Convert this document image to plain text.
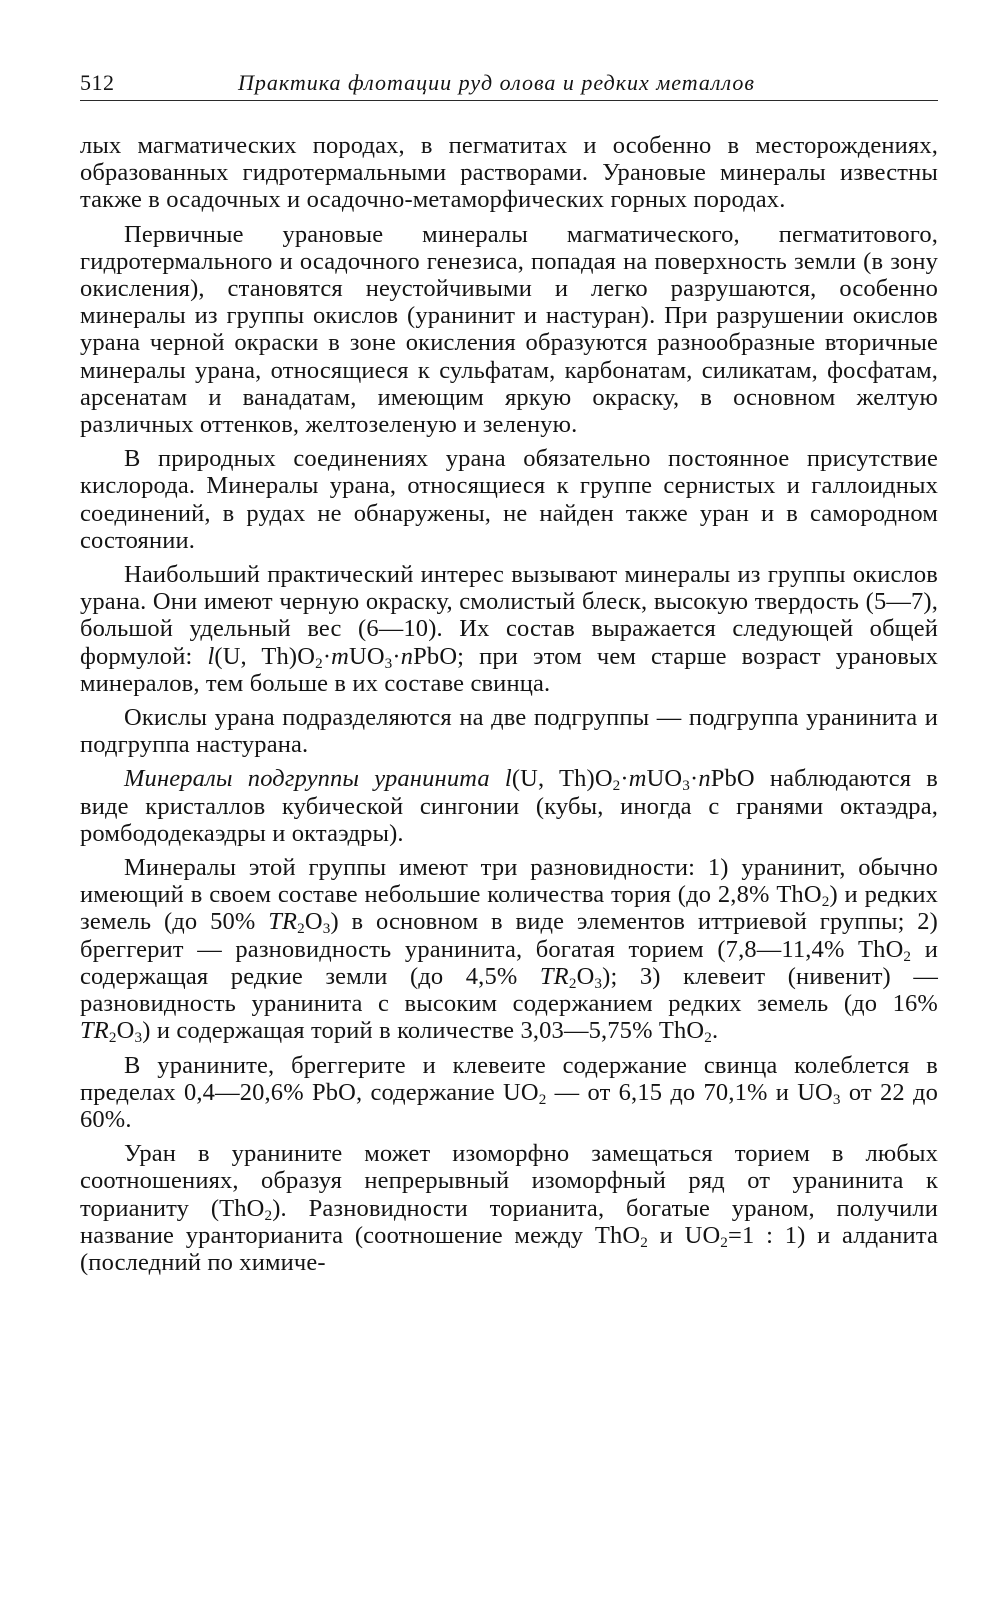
512	Практика флотации руд олова и редких металлов

лых магматических породах, в пегматитах и особенно в месторождениях, образованных гидротермальными растворами. Урановые минералы известны также в осадочных и осадочно-метаморфических горных породах.

Первичные урановые минералы магматического, пегматитового, гидротермального и осадочного генезиса, попадая на поверхность земли (в зону окисления), становятся неустойчивыми и легко разрушаются, особенно минералы из группы окислов (уранинит и настуран). При разрушении окислов урана черной окраски в зоне окисления образуются разнообразные вторичные минералы урана, относящиеся к сульфатам, карбонатам, силикатам, фосфатам, арсенатам и ванадатам, имеющим яркую окраску, в основном желтую различных оттенков, желтозеленую и зеленую.

В природных соединениях урана обязательно постоянное присутствие кислорода. Минералы урана, относящиеся к группе сернистых и галлоидных соединений, в рудах не обнаружены, не найден также уран и в самородном состоянии.

Наибольший практический интерес вызывают минералы из группы окислов урана. Они имеют черную окраску, смолистый блеск, высокую твердость (5—7), большой удельный вес (6—10). Их состав выражается следующей общей формулой: l(U, $Th)O_2\cdot mUO_3\cdot nPbO$; при этом чем старше возраст урановых минералов, тем больше в их составе свинца.

Окислы урана подразделяются на две подгруппы — подгруппа уранинита и подгруппа настурана.

Минералы подгруппы уранинита l(U, $Th)O_2\cdot mUO_3\cdot nPbO$ наблюдаются в виде кристаллов кубической сингонии (кубы, иногда с гранями октаэдра, ромбододекаэдры и октаэдры).

Минералы этой группы имеют три разновидности: 1) уранинит, обычно имеющий в своем составе небольшие количества тория (до 2,8% ThO$_2$) и редких земель (до 50% $TR_2O_3$) в основном в виде элементов иттриевой группы; 2) бреггерит — разновидность уранинита, богатая торием (7,8—11,4% ThO$_2$ и содержащая редкие земли (до 4,5% $TR_2O_3$); 3) клевеит (нивенит) — разновидность уранинита с высоким содержанием редких земель (до 16% $TR_2O_3$) и содержащая торий в количестве 3,03—5,75% ThO$_2$.

В уранините, бреггерите и клевеите содержание свинца колеблется в пределах 0,4—20,6% PbO, содержание $UO_2$ — от 6,15 до 70,1% и $UO_3$ от 22 до 60%.

Уран в уранините может изоморфно замещаться торием в любых соотношениях, образуя непрерывный изоморфный ряд от уранинита к торианиту (ThO$_2$). Разновидности торианита, богатые ураном, получили название уранторианита (соотношение между ThO$_2$ и $UO_2=1$ : 1) и алданита (последний по химиче-
